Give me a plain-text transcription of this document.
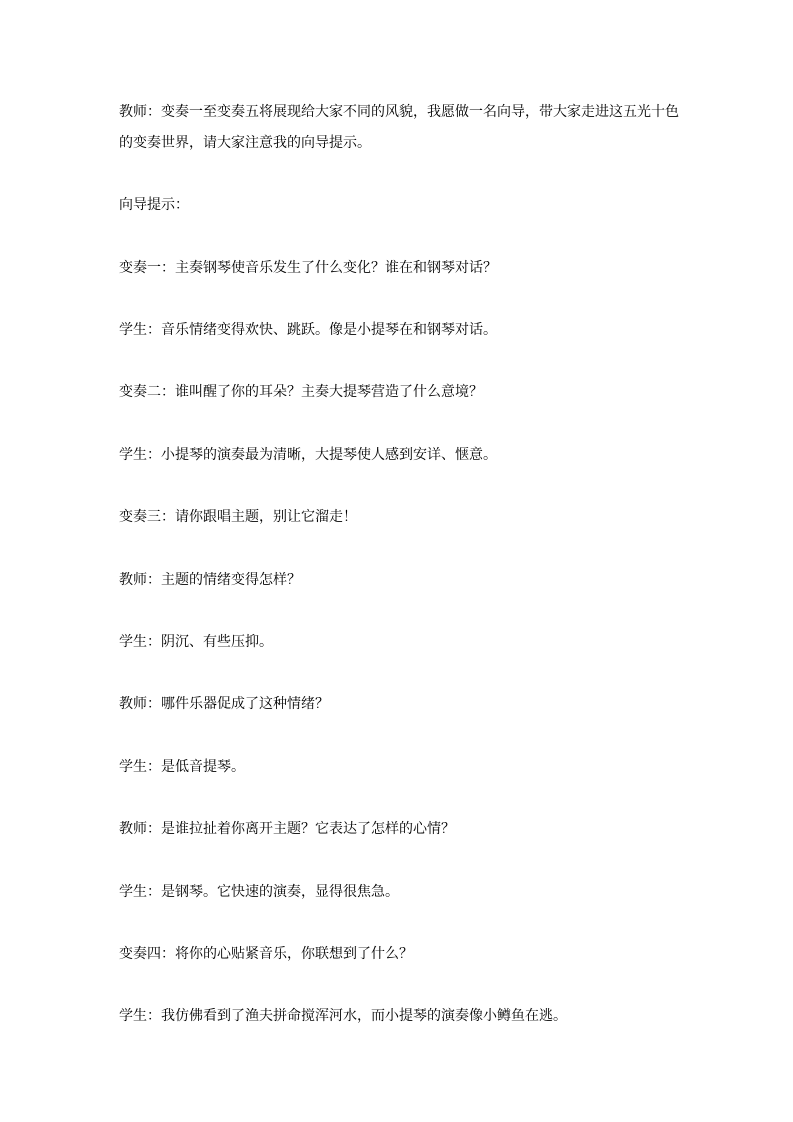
教师：变奏一至变奏五将展现给大家不同的风貌，我愿做一名向导，带大家走进这五光十色的变奏世界，请大家注意我的向导提示。

向导提示：

变奏一：主奏钢琴使音乐发生了什么变化？谁在和钢琴对话？

学生：音乐情绪变得欢快、跳跃。像是小提琴在和钢琴对话。

变奏二：谁叫醒了你的耳朵？主奏大提琴营造了什么意境？

学生：小提琴的演奏最为清晰，大提琴使人感到安详、惬意。

变奏三：请你跟唱主题，别让它溜走！

教师：主题的情绪变得怎样？

学生：阴沉、有些压抑。

教师：哪件乐器促成了这种情绪？

学生：是低音提琴。

教师：是谁拉扯着你离开主题？它表达了怎样的心情？

学生：是钢琴。它快速的演奏，显得很焦急。

变奏四：将你的心贴紧音乐，你联想到了什么？

学生：我仿佛看到了渔夫拼命搅浑河水，而小提琴的演奏像小鳟鱼在逃。
